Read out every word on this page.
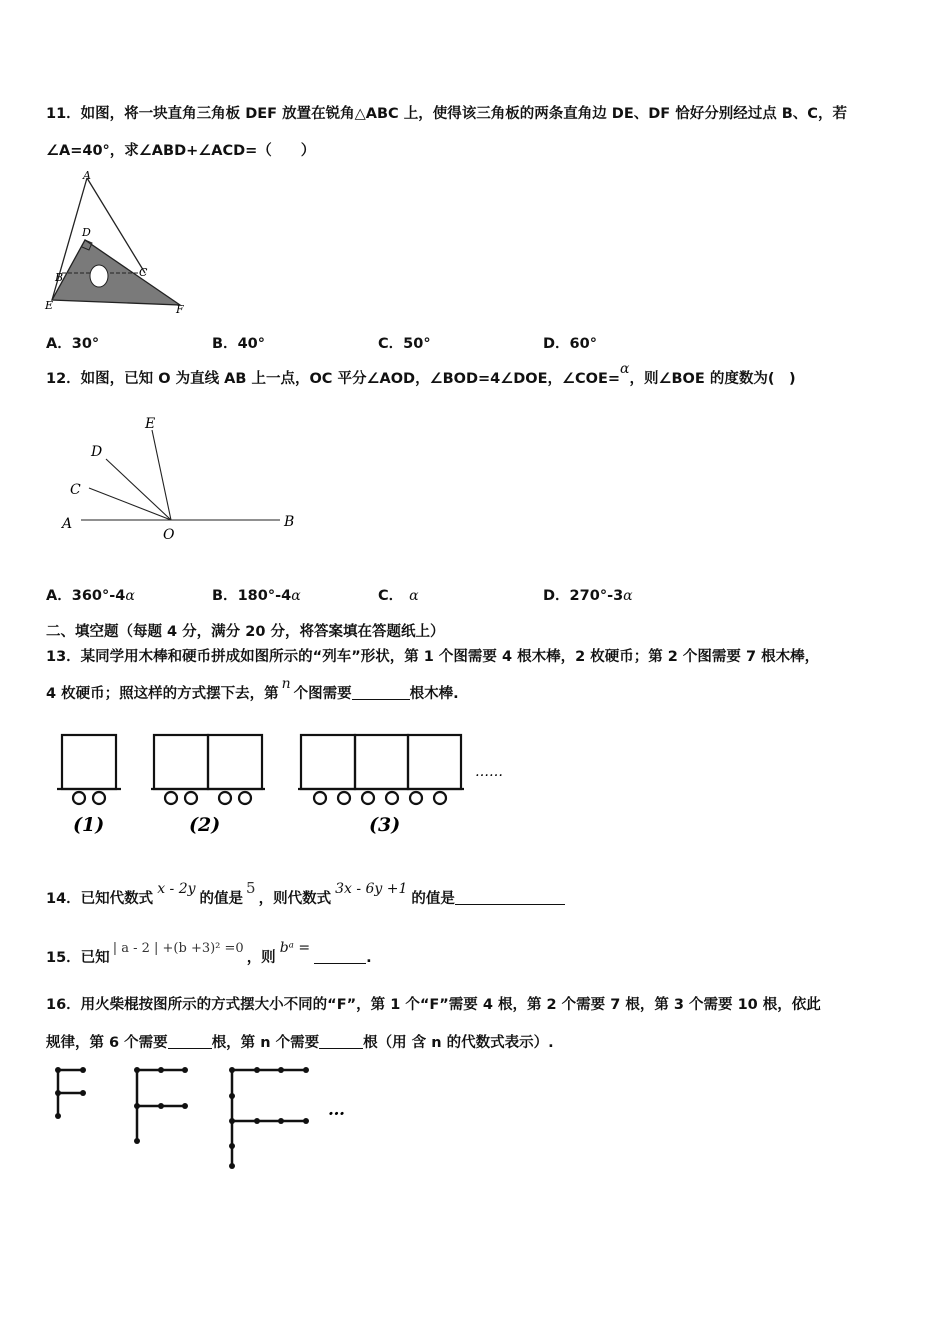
11．如图，将一块直角三角板 DEF 放置在锐角△ABC 上，使得该三角板的两条直角边 DE、DF 恰好分别经过点 B、C，若
∠A=40°，求∠ABD+∠ACD=（　　）
A
D
B	C
E	F
A．30°	B．40°	C．50°	D．60°
12．如图，已知 O 为直线 AB 上一点，OC 平分∠AOD，∠BOD=4∠DOE，∠COE=α，则∠BOE 的度数为(　)
E
D
C
A
O
B
A．360°-4α	B．180°-4α	C． α	D．270°-3α
二、填空题（每题 4 分，满分 20 分，将答案填在答题纸上）
13．某同学用木棒和硬币拼成如图所示的“列车”形状，第 1 个图需要 4 根木棒，2 枚硬币；第 2 个图需要 7 根木棒，
4 枚硬币；照这样的方式摆下去，第n个图需要	根木棒.
(1)	(2)	(3)
……
14．已知代数式x - 2y的值是5，则代数式3x - 6y +1的值是
15．已知| a - 2 | +(b +3)² =0，则bᵃ =.
16．用火柴棍按图所示的方式摆大小不同的“F”，第 1 个“F”需要 4 根，第 2 个需要 7 根，第 3 个需要 10 根，依此
规律，第 6 个需要	根，第 n 个需要	根（用 含 n 的代数式表示）.
…
